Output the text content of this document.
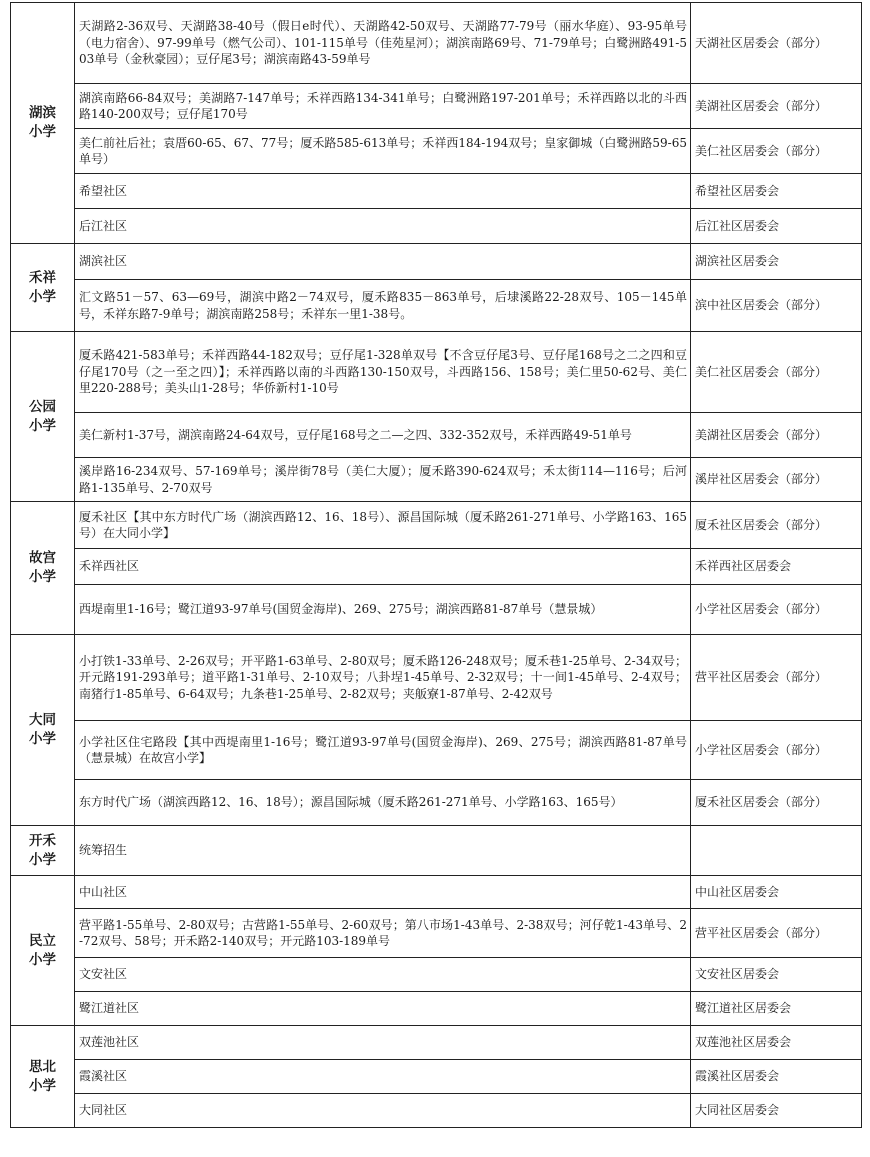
湖滨
小学	天湖路2-36双号、天湖路38-40号（假日e时代）、天湖路42-50双号、天湖路77-79号（丽水华庭）、93-95单号（电力宿舍）、97-99单号（燃气公司）、101-115单号（佳苑星河）；湖滨南路69号、71-79单号；白鹭洲路491-503单号（金秋豪园）；豆仔尾3号；湖滨南路43-59单号	天湖社区居委会（部分）
	湖滨南路66-84双号；美湖路7-147单号；禾祥西路134-341单号；白鹭洲路197-201单号；禾祥西路以北的斗西路140-200双号；豆仔尾170号	美湖社区居委会（部分）
	美仁前社后社；袁厝60-65、67、77号；厦禾路585-613单号；禾祥西184-194双号；皇家御城（白鹭洲路59-65单号）	美仁社区居委会（部分）
	希望社区	希望社区居委会
	后江社区	后江社区居委会
禾祥
小学	湖滨社区	湖滨社区居委会
	汇文路51－57、63—69号，湖滨中路2－74双号，厦禾路835－863单号，后埭溪路22-28双号、105－145单号，禾祥东路7-9单号；湖滨南路258号；禾祥东一里1-38号。	滨中社区居委会（部分）
公园
小学	厦禾路421-583单号；禾祥西路44-182双号；豆仔尾1-328单双号【不含豆仔尾3号、豆仔尾168号之二之四和豆仔尾170号（之一至之四）】；禾祥西路以南的斗西路130-150双号，斗西路156、158号；美仁里50-62号、美仁里220-288号；美头山1-28号；华侨新村1-10号	美仁社区居委会（部分）
	美仁新村1-37号，湖滨南路24-64双号，豆仔尾168号之二—之四、332-352双号，禾祥西路49-51单号	美湖社区居委会（部分）
	溪岸路16-234双号、57-169单号；溪岸街78号（美仁大厦）；厦禾路390-624双号；禾太街114—116号；后河路1-135单号、2-70双号	溪岸社区居委会（部分）
故宫
小学	厦禾社区【其中东方时代广场（湖滨西路12、16、18号）、源昌国际城（厦禾路261-271单号、小学路163、165号）在大同小学】	厦禾社区居委会（部分）
	禾祥西社区	禾祥西社区居委会
	西堤南里1-16号；鹭江道93-97单号(国贸金海岸)、269、275号；湖滨西路81-87单号（慧景城）	小学社区居委会（部分）
大同
小学	小打铁1-33单号、2-26双号；开平路1-63单号、2-80双号；厦禾路126-248双号；厦禾巷1-25单号、2-34双号；开元路191-293单号；道平路1-31单号、2-10双号；八卦埕1-45单号、2-32双号；十一间1-45单号、2-4双号；南猪行1-85单号、6-64双号；九条巷1-25单号、2-82双号；夹舨寮1-87单号、2-42双号	营平社区居委会（部分）
	小学社区住宅路段【其中西堤南里1-16号；鹭江道93-97单号(国贸金海岸)、269、275号；湖滨西路81-87单号（慧景城）在故宫小学】	小学社区居委会（部分）
	东方时代广场（湖滨西路12、16、18号）；源昌国际城（厦禾路261-271单号、小学路163、165号）	厦禾社区居委会（部分）
开禾
小学	统筹招生	
民立
小学	中山社区	中山社区居委会
	营平路1-55单号、2-80双号；古营路1-55单号、2-60双号；第八市场1-43单号、2-38双号；河仔乾1-43单号、2-72双号、58号；开禾路2-140双号；开元路103-189单号	营平社区居委会（部分）
	文安社区	文安社区居委会
	鹭江道社区	鹭江道社区居委会
思北
小学	双莲池社区	双莲池社区居委会
	霞溪社区	霞溪社区居委会
	大同社区	大同社区居委会
